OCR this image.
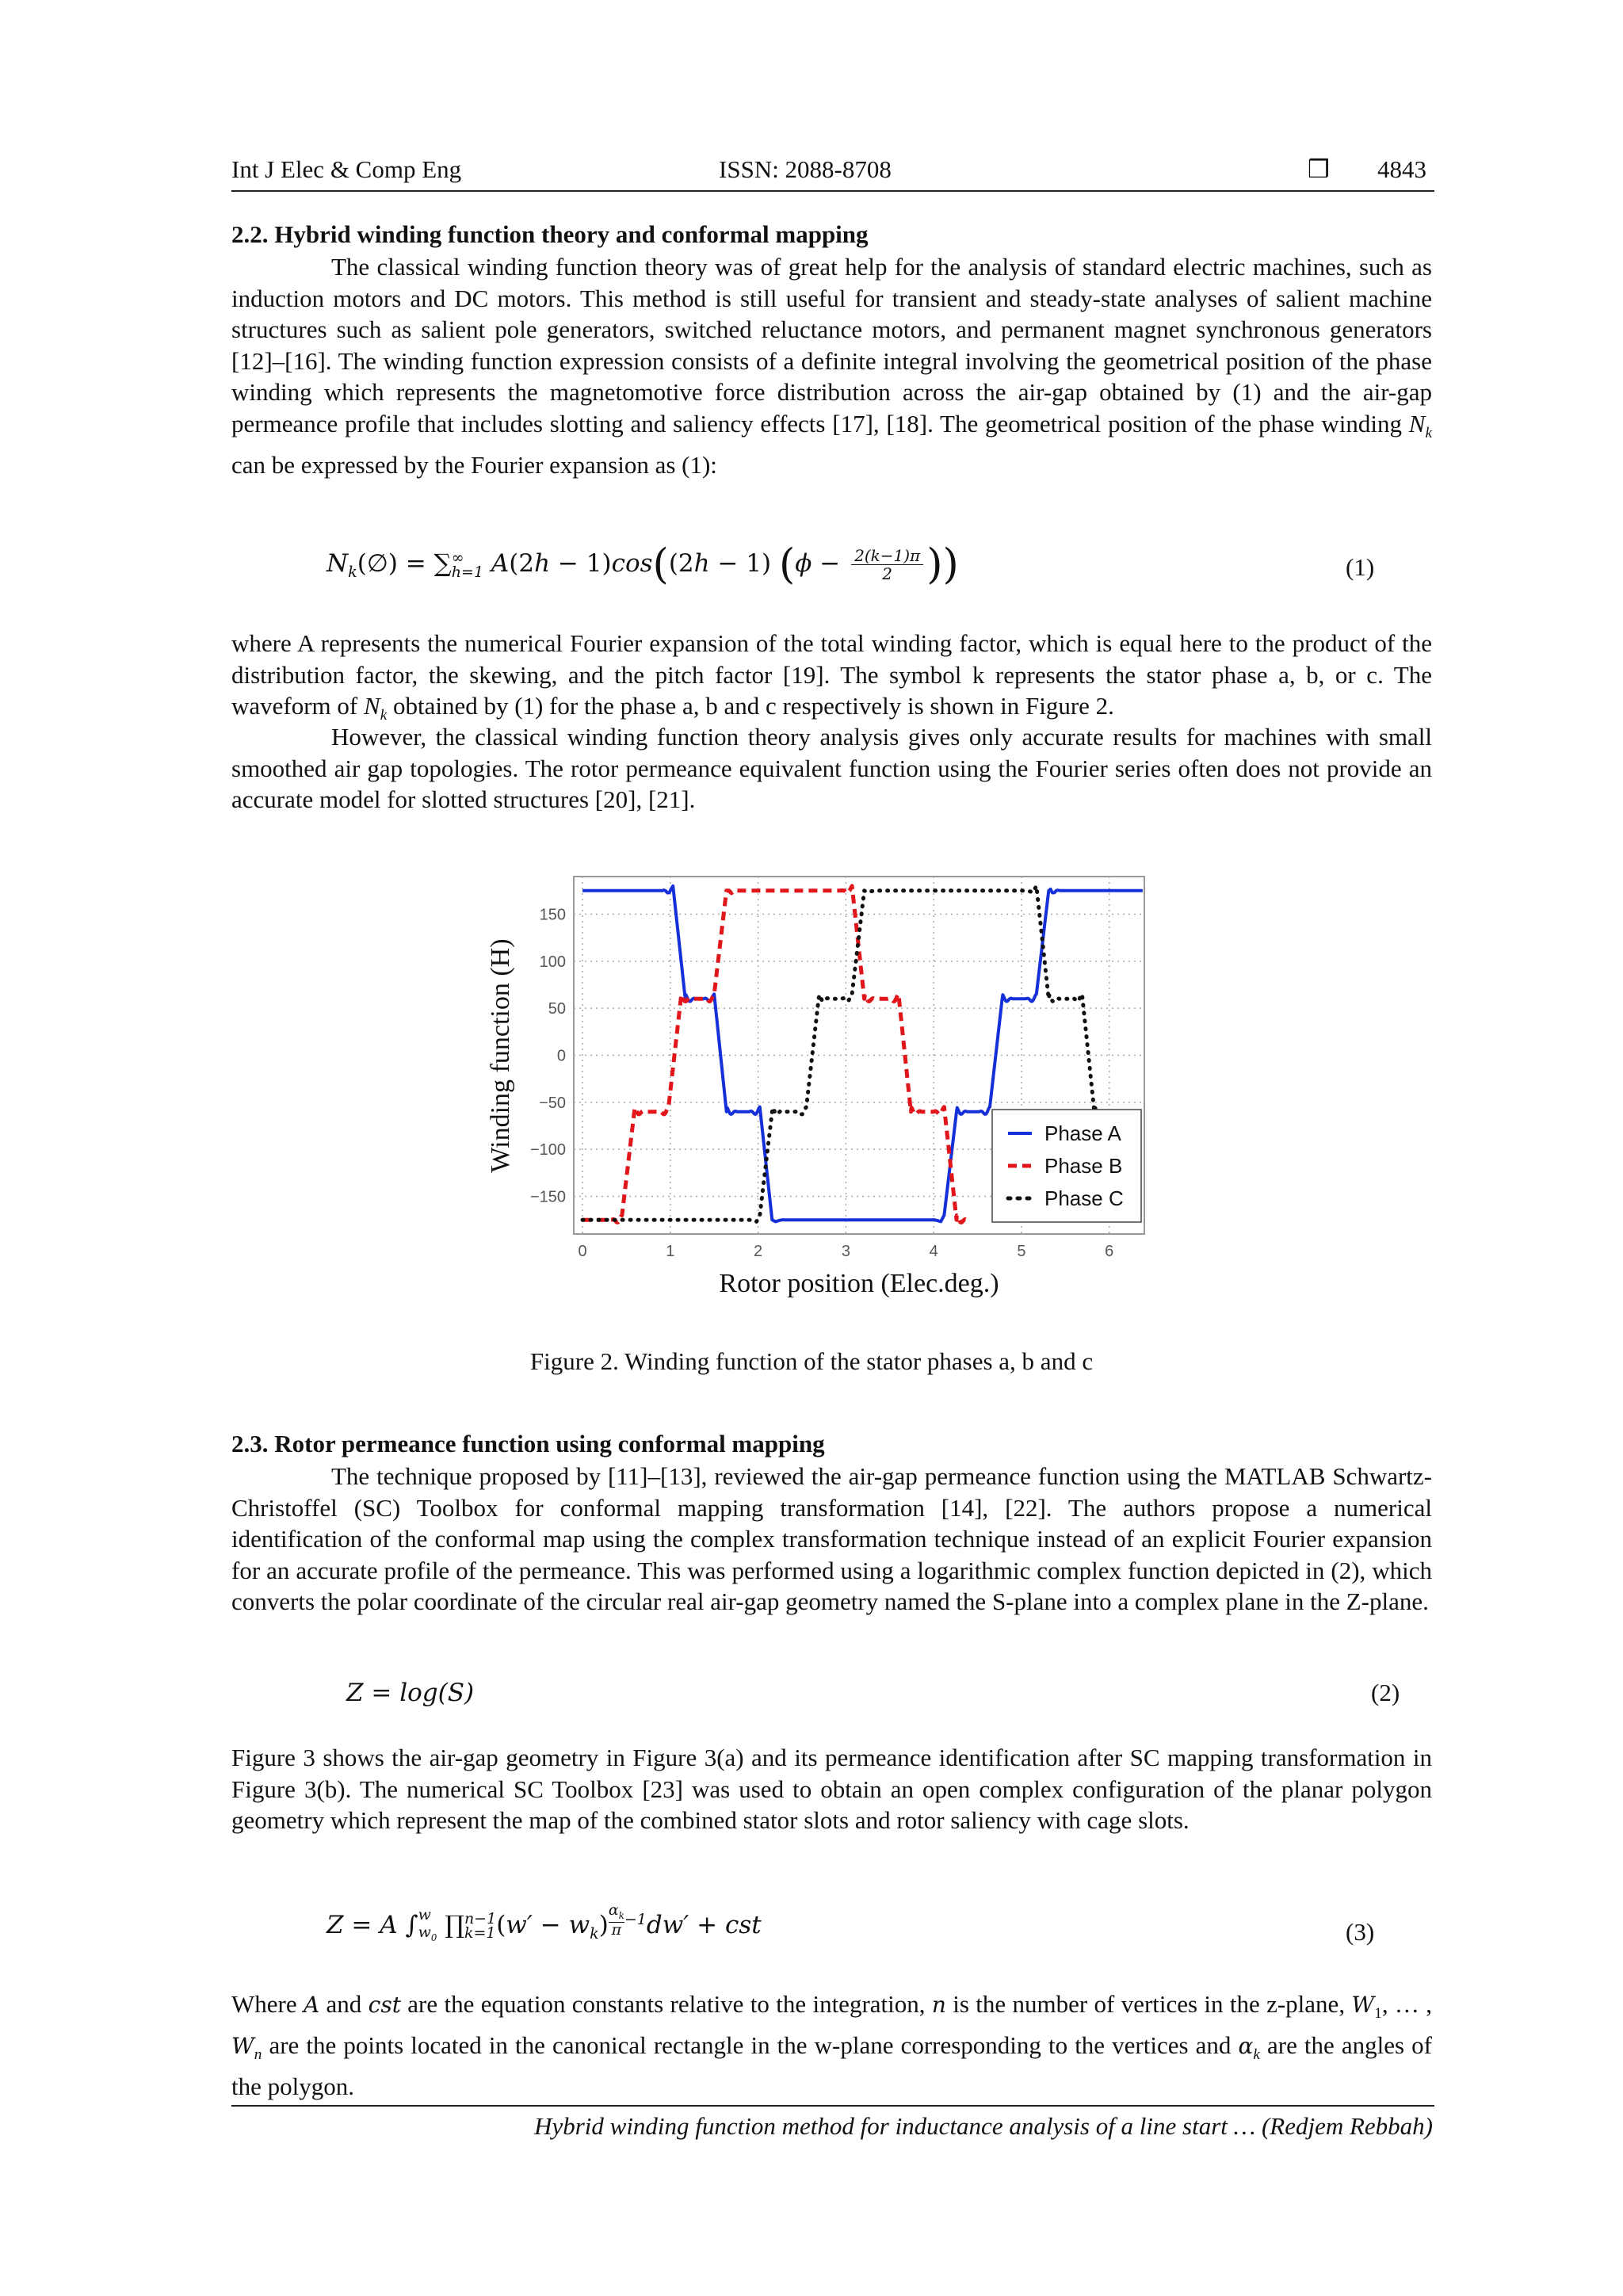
Int J Elec & Comp Eng	ISSN: 2088-8708	❒ 4843
2.2. Hybrid winding function theory and conformal mapping

The classical winding function theory was of great help for the analysis of standard electric machines, such as induction motors and DC motors. This method is still useful for transient and steady-state analyses of salient machine structures such as salient pole generators, switched reluctance motors, and permanent magnet synchronous generators [12]–[16]. The winding function expression consists of a definite integral involving the geometrical position of the phase winding which represents the magnetomotive force distribution across the air-gap obtained by (1) and the air-gap permeance profile that includes slotting and saliency effects [17], [18]. The geometrical position of the phase winding $N_k$ can be expressed by the Fourier expansion as (1):

$N_k(\emptyset)$ = ∑ ∞
h=1 A(2h − 1)cos((2h − 1) ($\phi - \frac{2(k-1)\pi}{2}$ ))	(1)

where A represents the numerical Fourier expansion of the total winding factor, which is equal here to the product of the distribution factor, the skewing, and the pitch factor [19]. The symbol k represents the stator phase a, b, or c. The waveform of $N_k$ obtained by (1) for the phase a, b and c respectively is shown in Figure 2.

However, the classical winding function theory analysis gives only accurate results for machines with small smoothed air gap topologies. The rotor permeance equivalent function using the Fourier series often does not provide an accurate model for slotted structures [20], [21].

0	1	2	3	4	5	6
−150
−100
−50
0
50
100
150
Winding function (H)
Rotor position (Elec.deg.)
Phase A
Phase B
Phase C
Figure 2. Winding function of the stator phases a, b and c
2.3. Rotor permeance function using conformal mapping

The technique proposed by [11]–[13], reviewed the air-gap permeance function using the MATLAB Schwartz-Christoffel (SC) Toolbox for conformal mapping transformation [14], [22]. The authors propose a numerical identification of the conformal map using the complex transformation technique instead of an explicit Fourier expansion for an accurate profile of the permeance. This was performed using a logarithmic complex function depicted in (2), which converts the polar coordinate of the circular real air-gap geometry named the S-plane into a complex plane in the Z-plane.

Z = log(S)	(2)

Figure 3 shows the air-gap geometry in Figure 3(a) and its permeance identification after SC mapping transformation in Figure 3(b). The numerical SC Toolbox [23] was used to obtain an open complex configuration of the planar polygon geometry which represent the map of the combined stator slots and rotor saliency with cage slots.

Z = A ∫ w
$w_0$ ∏ n−1
k=1 $(w' - w_k)$ $^{\frac{\alpha_k}{\pi} -1}$dw′ + cst	(3)

Where A and cst are the equation constants relative to the integration, n is the number of vertices in the z-plane, $W_1$, … , $W_n$ are the points located in the canonical rectangle in the w-plane corresponding to the vertices and $\alpha_k$ are the angles of the polygon.

Hybrid winding function method for inductance analysis of a line start … (Redjem Rebbah)
